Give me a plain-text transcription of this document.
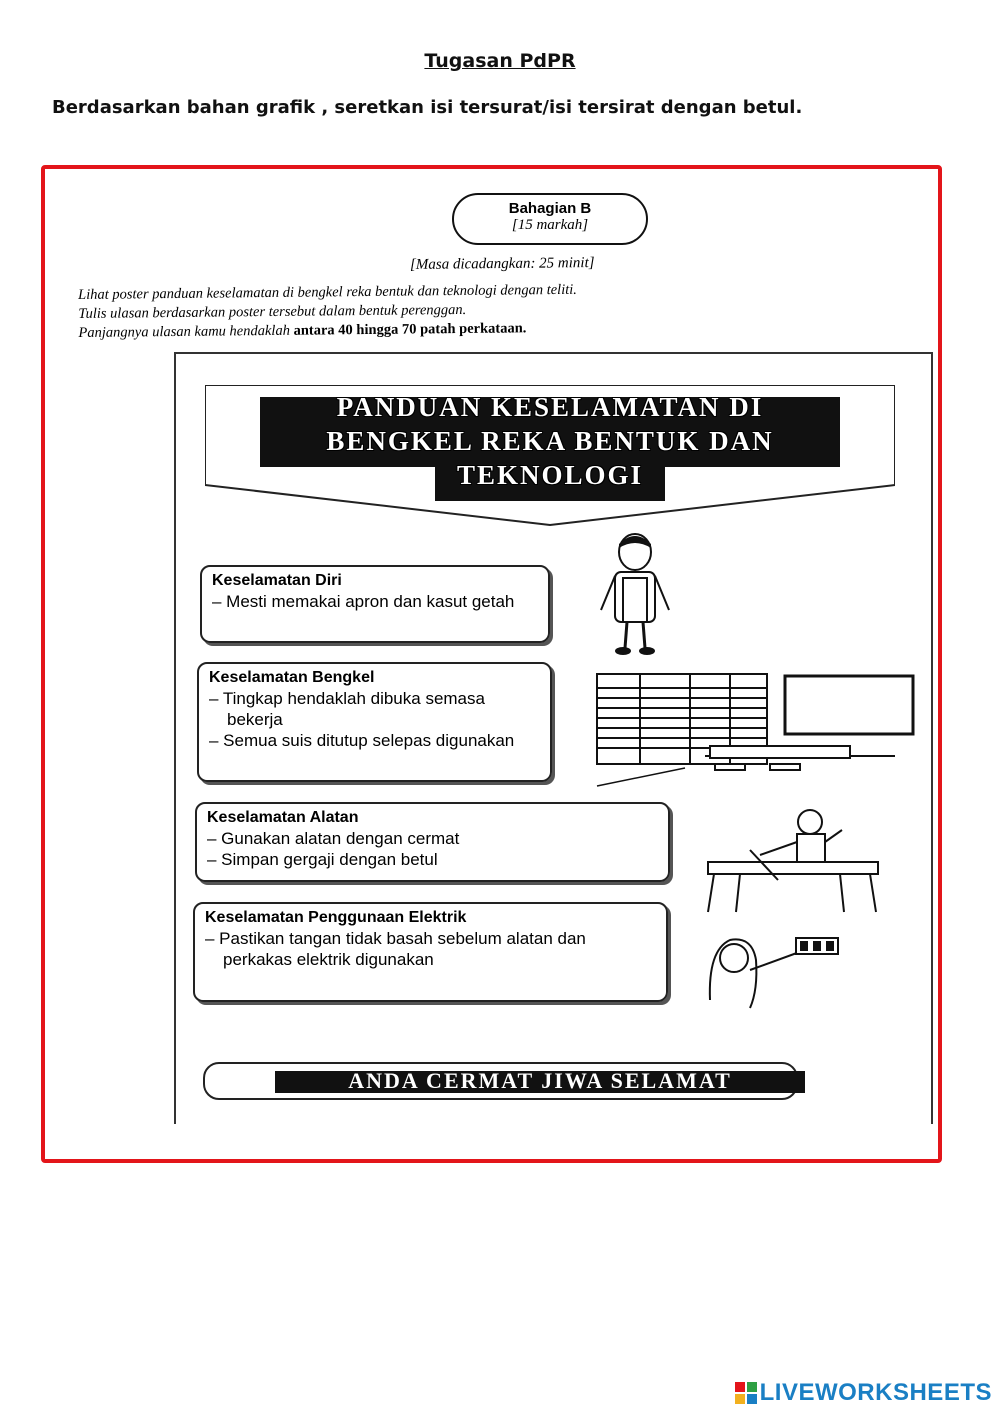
Tugasan PdPR
Berdasarkan bahan grafik , seretkan isi tersurat/isi tersirat dengan betul.
Bahagian B
[15 markah]
[Masa dicadangkan: 25 minit]
Lihat poster panduan keselamatan di bengkel reka bentuk dan teknologi dengan teliti.
Tulis ulasan berdasarkan poster tersebut dalam bentuk perenggan.
Panjangnya ulasan kamu hendaklah antara 40 hingga 70 patah perkataan.
PANDUAN KESELAMATAN DI
BENGKEL REKA BENTUK DAN
TEKNOLOGI
Keselamatan Diri
– Mesti memakai apron dan kasut getah
Keselamatan Bengkel
– Tingkap hendaklah dibuka semasa bekerja
– Semua suis ditutup selepas digunakan
Keselamatan Alatan
– Gunakan alatan dengan cermat
– Simpan gergaji dengan betul
Keselamatan Penggunaan Elektrik
– Pastikan tangan tidak basah sebelum alatan dan perkakas elektrik digunakan
ANDA CERMAT JIWA SELAMAT
LIVEWORKSHEETS
